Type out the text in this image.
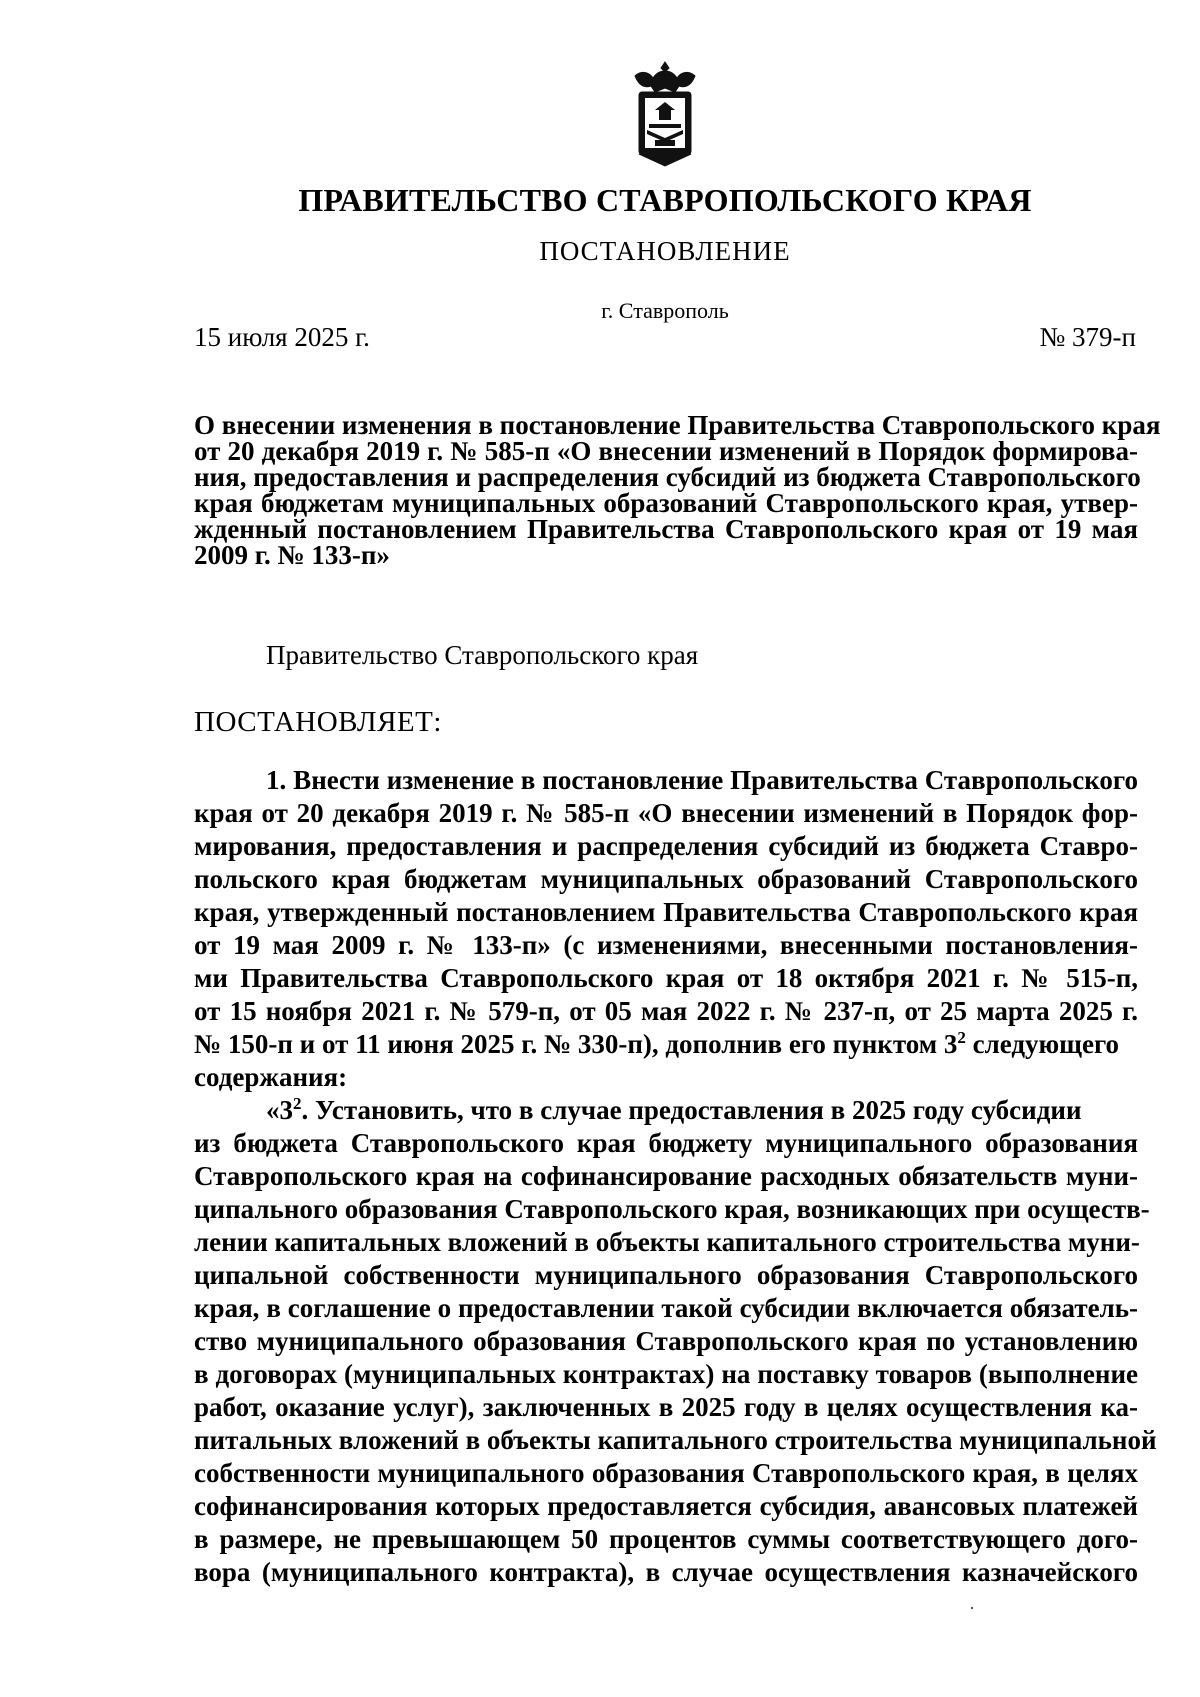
ПРАВИТЕЛЬСТВО СТАВРОПОЛЬСКОГО КРАЯ
ПОСТАНОВЛЕНИЕ
г. Ставрополь
15 июля 2025 г.	№ 379-п
О внесении изменения в постановление Правительства Ставропольского края
от 20 декабря 2019 г. № 585-п «О внесении изменений в Порядок формирова-
ния, предоставления и распределения субсидий из бюджета Ставропольского
края бюджетам муниципальных образований Ставропольского края, утвер-
жденный постановлением Правительства Ставропольского края от 19 мая
2009 г. № 133-п»
Правительство Ставропольского края
ПОСТАНОВЛЯЕТ:
1. Внести изменение в постановление Правительства Ставропольского
края от 20 декабря 2019 г. № 585-п «О внесении изменений в Порядок фор-
мирования, предоставления и распределения субсидий из бюджета Ставро-
польского края бюджетам муниципальных образований Ставропольского
края, утвержденный постановлением Правительства Ставропольского края
от 19 мая 2009 г. № 133-п» (с изменениями, внесенными постановления-
ми Правительства Ставропольского края от 18 октября 2021 г. № 515-п,
от 15 ноября 2021 г. № 579-п, от 05 мая 2022 г. № 237-п, от 25 марта 2025 г.
№ 150-п и от 11 июня 2025 г. № 330-п), дополнив его пунктом $3^2$ следующего
содержания:
«$3^2$. Установить, что в случае предоставления в 2025 году субсидии
из бюджета Ставропольского края бюджету муниципального образования
Ставропольского края на софинансирование расходных обязательств муни-
ципального образования Ставропольского края, возникающих при осуществ-
лении капитальных вложений в объекты капитального строительства муни-
ципальной собственности муниципального образования Ставропольского
края, в соглашение о предоставлении такой субсидии включается обязатель-
ство муниципального образования Ставропольского края по установлению
в договорах (муниципальных контрактах) на поставку товаров (выполнение
работ, оказание услуг), заключенных в 2025 году в целях осуществления ка-
питальных вложений в объекты капитального строительства муниципальной
собственности муниципального образования Ставропольского края, в целях
софинансирования которых предоставляется субсидия, авансовых платежей
в размере, не превышающем 50 процентов суммы соответствующего дого-
вора (муниципального контракта), в случае осуществления казначейского
